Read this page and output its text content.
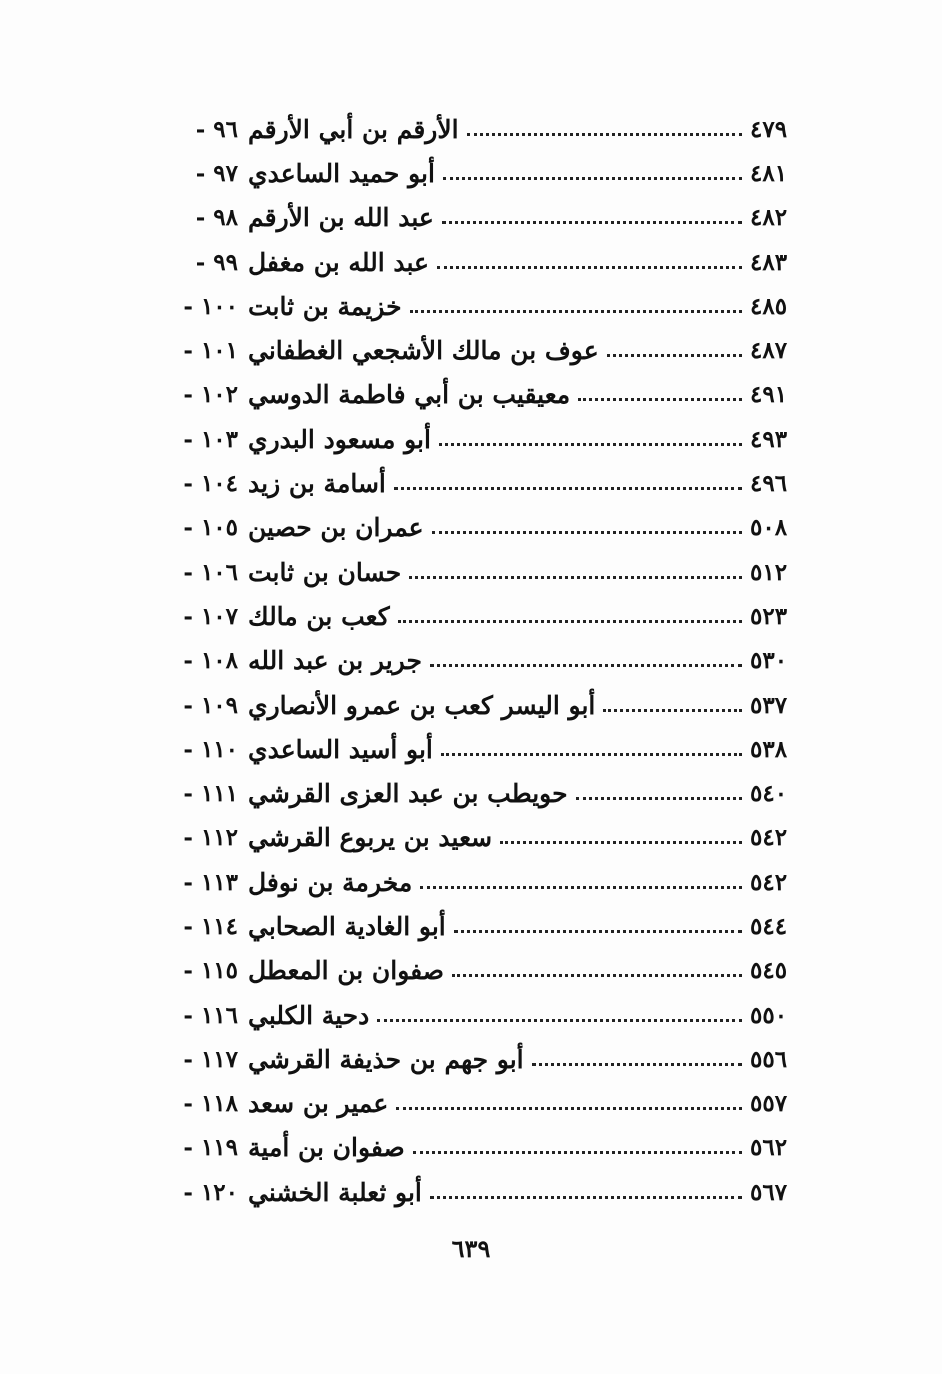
٩٦ - الأرقم بن أبي الأرقم	٤٧٩
٩٧ - أبو حميد الساعدي	٤٨١
٩٨ - عبد الله بن الأرقم	٤٨٢
٩٩ - عبد الله بن مغفل	٤٨٣
١٠٠ - خزيمة بن ثابت	٤٨٥
١٠١ - عوف بن مالك الأشجعي الغطفاني	٤٨٧
١٠٢ - معيقيب بن أبي فاطمة الدوسي	٤٩١
١٠٣ - أبو مسعود البدري	٤٩٣
١٠٤ - أسامة بن زيد	٤٩٦
١٠٥ - عمران بن حصين	٥٠٨
١٠٦ - حسان بن ثابت	٥١٢
١٠٧ - كعب بن مالك	٥٢٣
١٠٨ - جرير بن عبد الله	٥٣٠
١٠٩ - أبو اليسر كعب بن عمرو الأنصاري	٥٣٧
١١٠ - أبو أسيد الساعدي	٥٣٨
١١١ - حويطب بن عبد العزى القرشي	٥٤٠
١١٢ - سعيد بن يربوع القرشي	٥٤٢
١١٣ - مخرمة بن نوفل	٥٤٢
١١٤ - أبو الغادية الصحابي	٥٤٤
١١٥ - صفوان بن المعطل	٥٤٥
١١٦ - دحية الكلبي	٥٥٠
١١٧ - أبو جهم بن حذيفة القرشي	٥٥٦
١١٨ - عمير بن سعد	٥٥٧
١١٩ - صفوان بن أمية	٥٦٢
١٢٠ - أبو ثعلبة الخشني	٥٦٧
٦٣٩
